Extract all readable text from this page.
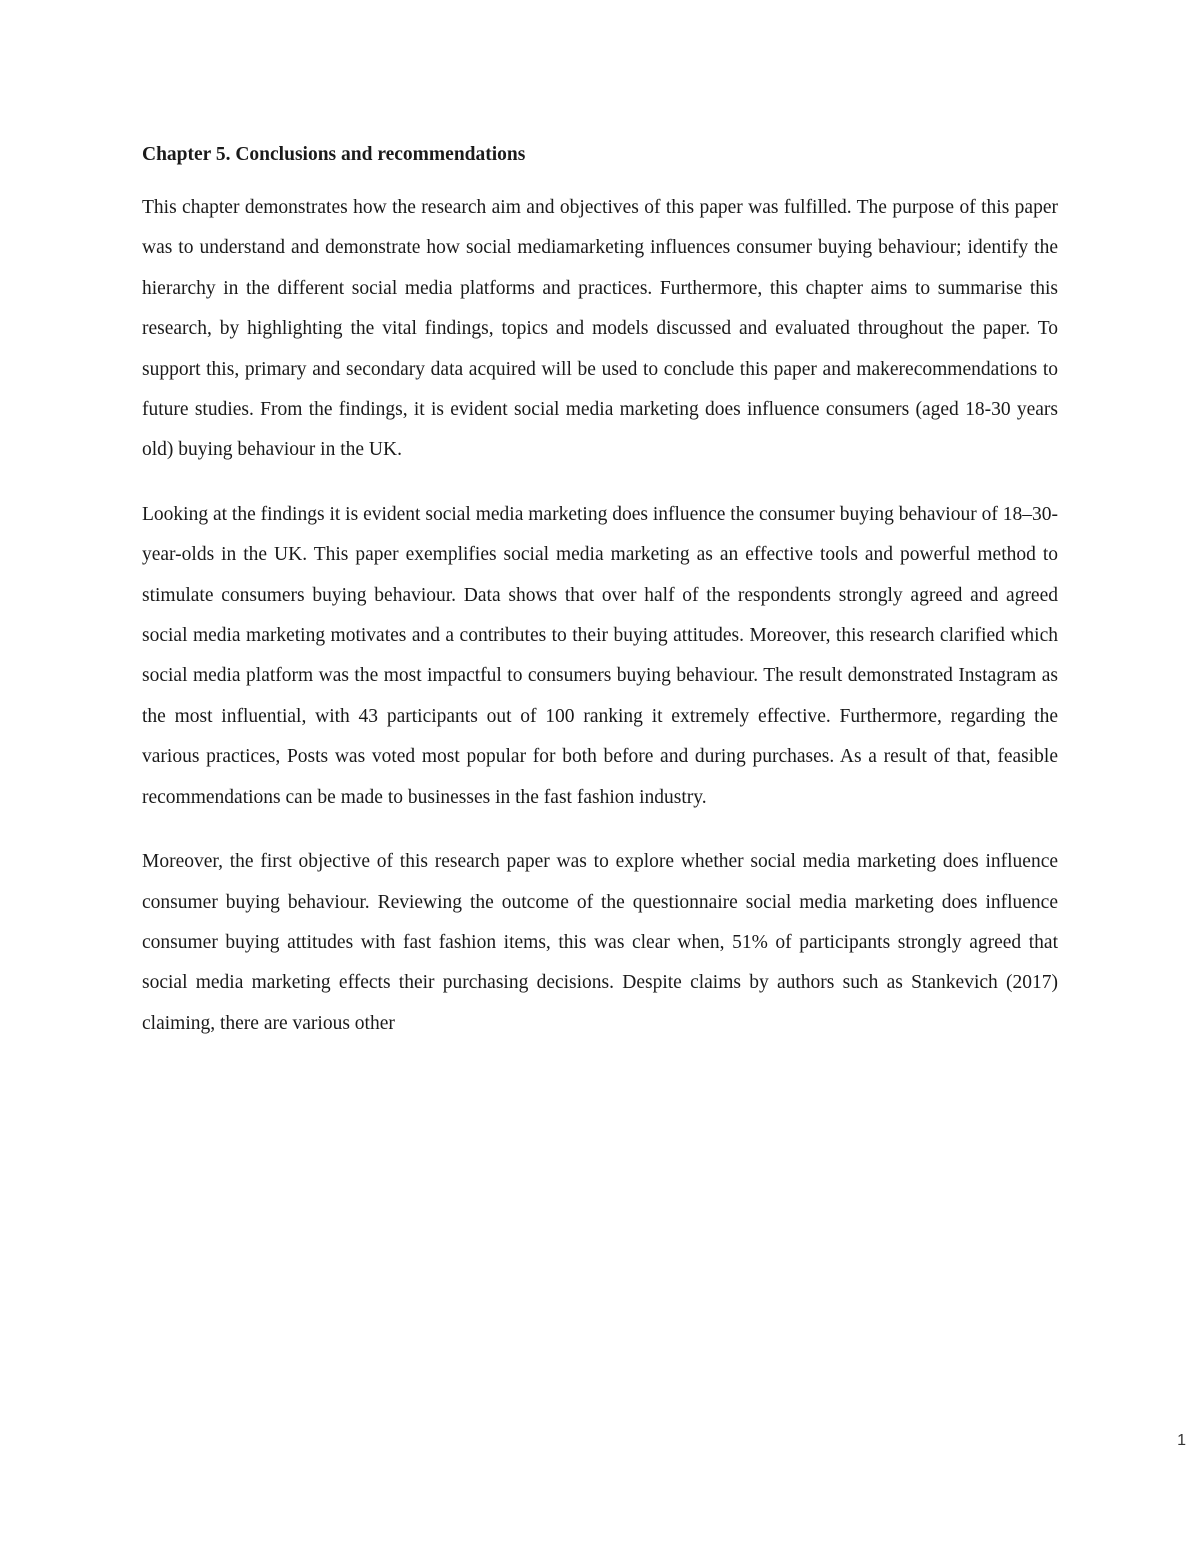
Chapter 5. Conclusions and recommendations

This chapter demonstrates how the research aim and objectives of this paper was fulfilled. The purpose of this paper was to understand and demonstrate how social mediamarketing influences consumer buying behaviour; identify the hierarchy in the different social media platforms and practices. Furthermore, this chapter aims to summarise this research, by highlighting the vital findings, topics and models discussed and evaluated throughout the paper. To support this, primary and secondary data acquired will be used to conclude this paper and makerecommendations to future studies. From the findings, it is evident social media marketing does influence consumers (aged 18-30 years old) buying behaviour in the UK.

Looking at the findings it is evident social media marketing does influence the consumer buying behaviour of 18–30-year-olds in the UK. This paper exemplifies social media marketing as an effective tools and powerful method to stimulate consumers buying behaviour. Data shows that over half of the respondents strongly agreed and agreed social media marketing motivates and a contributes to their buying attitudes. Moreover, this research clarified which social media platform was the most impactful to consumers buying behaviour. The result demonstrated Instagram as the most influential, with 43 participants out of 100 ranking it extremely effective. Furthermore, regarding the various practices, Posts was voted most popular for both before and during purchases. As a result of that, feasible recommendations can be made to businesses in the fast fashion industry.

Moreover, the first objective of this research paper was to explore whether social media marketing does influence consumer buying behaviour. Reviewing the outcome of the questionnaire social media marketing does influence consumer buying attitudes with fast fashion items, this was clear when, 51% of participants strongly agreed that social media marketing effects their purchasing decisions. Despite claims by authors such as Stankevich (2017) claiming, there are various other

1
